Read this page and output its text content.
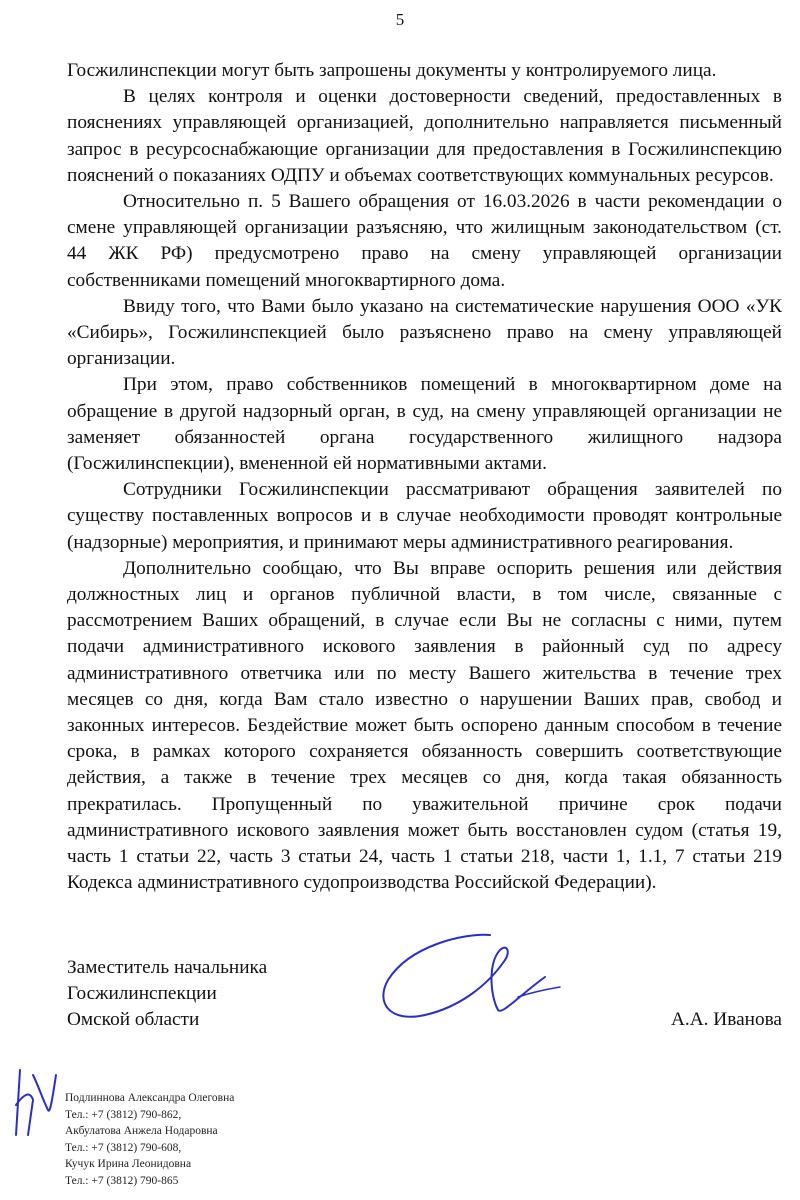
5

Госжилинспекции могут быть запрошены документы у контролируемого лица.

В целях контроля и оценки достоверности сведений, предоставленных в пояснениях управляющей организацией, дополнительно направляется письменный запрос в ресурсоснабжающие организации для предоставления в Госжилинспекцию пояснений о показаниях ОДПУ и объемах соответствующих коммунальных ресурсов.

Относительно п. 5 Вашего обращения от 16.03.2026 в части рекомендации о смене управляющей организации разъясняю, что жилищным законодательством (ст. 44 ЖК РФ) предусмотрено право на смену управляющей организации собственниками помещений многоквартирного дома.

Ввиду того, что Вами было указано на систематические нарушения ООО «УК «Сибирь», Госжилинспекцией было разъяснено право на смену управляющей организации.

При этом, право собственников помещений в многоквартирном доме на обращение в другой надзорный орган, в суд, на смену управляющей организации не заменяет обязанностей органа государственного жилищного надзора (Госжилинспекции), вмененной ей нормативными актами.

Сотрудники Госжилинспекции рассматривают обращения заявителей по существу поставленных вопросов и в случае необходимости проводят контрольные (надзорные) мероприятия, и принимают меры административного реагирования.

Дополнительно сообщаю, что Вы вправе оспорить решения или действия должностных лиц и органов публичной власти, в том числе, связанные с рассмотрением Ваших обращений, в случае если Вы не согласны с ними, путем подачи административного искового заявления в районный суд по адресу административного ответчика или по месту Вашего жительства в течение трех месяцев со дня, когда Вам стало известно о нарушении Ваших прав, свобод и законных интересов. Бездействие может быть оспорено данным способом в течение срока, в рамках которого сохраняется обязанность совершить соответствующие действия, а также в течение трех месяцев со дня, когда такая обязанность прекратилась. Пропущенный по уважительной причине срок подачи административного искового заявления может быть восстановлен судом (статья 19, часть 1 статьи 22, часть 3 статьи 24, часть 1 статьи 218, части 1, 1.1, 7 статьи 219 Кодекса административного судопроизводства Российской Федерации).

Заместитель начальника
Госжилинспекции
Омской области	А.А. Иванова
Подлиннова Александра Олеговна
Тел.: +7 (3812) 790-862,
Акбулатова Анжела Нодаровна
Тел.: +7 (3812) 790-608,
Кучук Ирина Леонидовна
Тел.: +7 (3812) 790-865
